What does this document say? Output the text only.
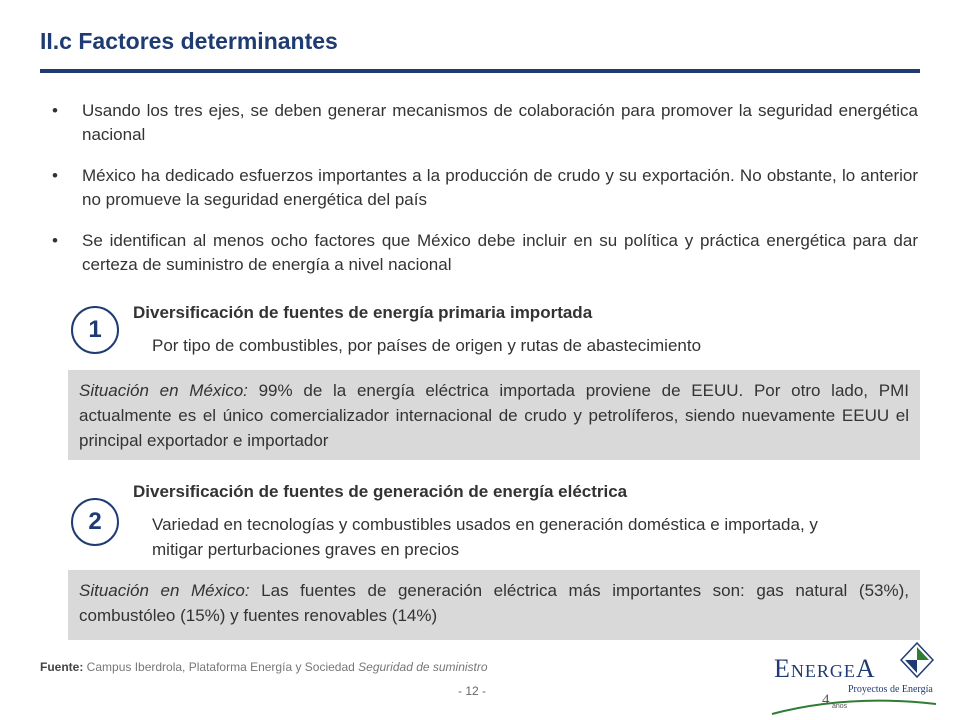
II.c Factores determinantes
• Usando los tres ejes, se deben generar mecanismos de colaboración para promover la seguridad energética nacional
• México ha dedicado esfuerzos importantes a la producción de crudo y su exportación. No obstante, lo anterior no promueve la seguridad energética del país
• Se identifican al menos ocho factores que México debe incluir en su política y práctica energética para dar certeza de suministro de energía a nivel nacional
1
Diversificación de fuentes de energía primaria importada
Por tipo de combustibles, por países de origen y rutas de abastecimiento
Situación en México: 99% de la energía eléctrica importada proviene de EEUU. Por otro lado, PMI actualmente es el único comercializador internacional de crudo y petrolíferos, siendo nuevamente EEUU el principal exportador e importador
2
Diversificación de fuentes de generación de energía eléctrica
Variedad en tecnologías y combustibles usados en generación doméstica e importada, y mitigar perturbaciones graves en precios
Situación en México: Las fuentes de generación eléctrica más importantes son: gas natural (53%), combustóleo (15%) y fuentes renovables (14%)
Fuente: Campus Iberdrola, Plataforma Energía y Sociedad Seguridad de suministro
- 12 -
EnergeA
Proyectos de Energía
4 años
